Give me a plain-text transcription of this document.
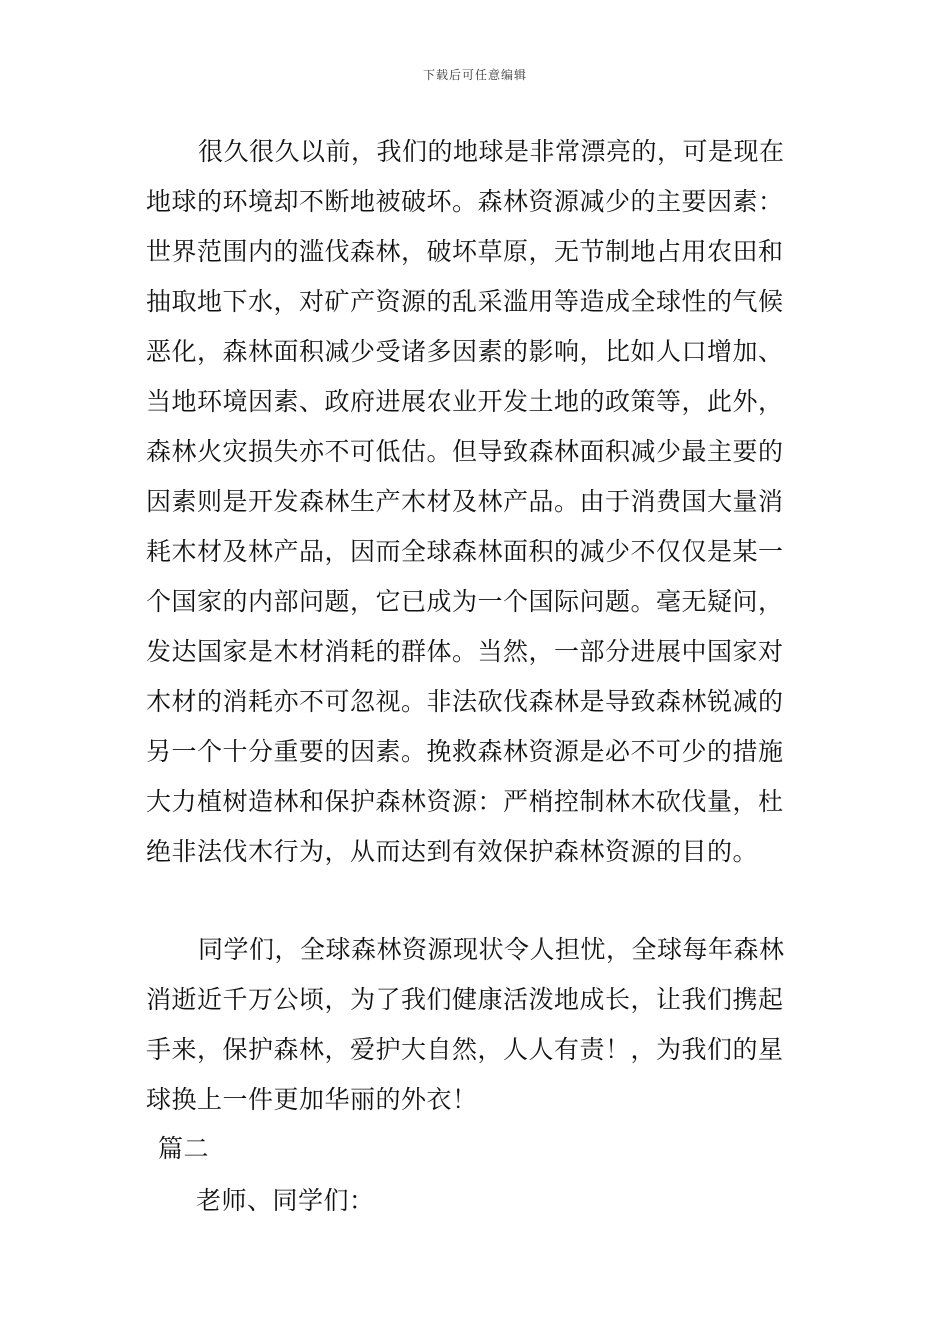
下载后可任意编辑
很久很久以前，我们的地球是非常漂亮的，可是现在
地球的环境却不断地被破坏。森林资源减少的主要因素：
世界范围内的滥伐森林，破坏草原，无节制地占用农田和
抽取地下水，对矿产资源的乱采滥用等造成全球性的气候
恶化，森林面积减少受诸多因素的影响，比如人口增加、
当地环境因素、政府进展农业开发土地的政策等，此外，
森林火灾损失亦不可低估。但导致森林面积减少最主要的
因素则是开发森林生产木材及林产品。由于消费国大量消
耗木材及林产品，因而全球森林面积的减少不仅仅是某一
个国家的内部问题，它已成为一个国际问题。毫无疑问，
发达国家是木材消耗的群体。当然，一部分进展中国家对
木材的消耗亦不可忽视。非法砍伐森林是导致森林锐减的
另一个十分重要的因素。挽救森林资源是必不可少的措施
大力植树造林和保护森林资源：严梢控制林木砍伐量，杜
绝非法伐木行为，从而达到有效保护森林资源的目的。
同学们，全球森林资源现状令人担忧，全球每年森林
消逝近千万公顷，为了我们健康活泼地成长，让我们携起
手来，保护森林，爱护大自然，人人有责！，为我们的星
球换上一件更加华丽的外衣！
篇二
老师、同学们：
